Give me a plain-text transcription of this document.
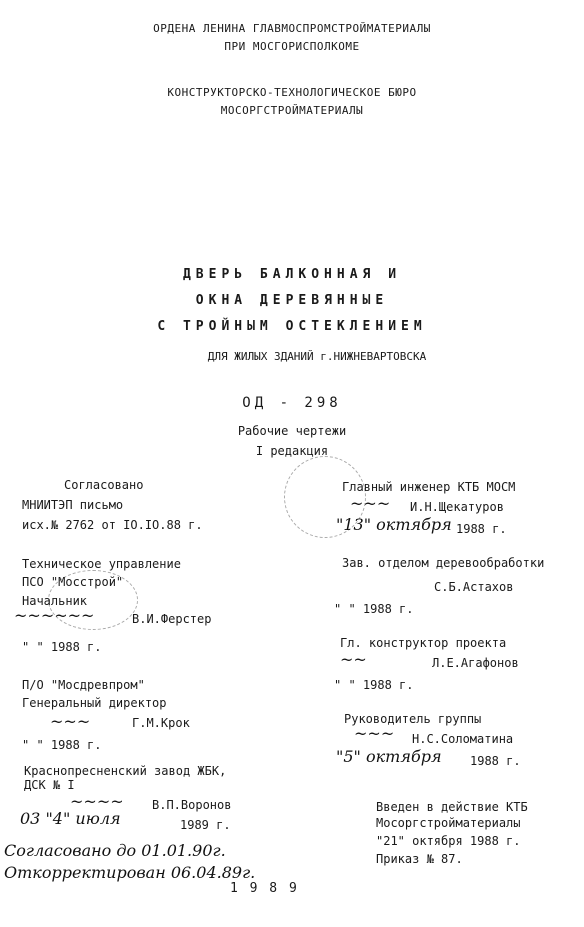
ОРДЕНА ЛЕНИНА ГЛАВМОСПРОМСТРОЙМАТЕРИАЛЫ
ПРИ МОСГОРИСПОЛКОМЕ
КОНСТРУКТОРСКО-ТЕХНОЛОГИЧЕСКОЕ БЮРО
МОСОРГСТРОЙМАТЕРИАЛЫ
ДВЕРЬ БАЛКОННАЯ И
ОКНА ДЕРЕВЯННЫЕ
С ТРОЙНЫМ ОСТЕКЛЕНИЕМ
ДЛЯ ЖИЛЫХ ЗДАНИЙ г.НИЖНЕВАРТОВСКА
ОД - 298
Рабочие чертежи
I редакция
Согласовано
МНИИТЭП письмо
исх.№ 2762 от IO.IO.88 г.
Техническое управление
ПСО "Мосстрой"
Начальник
В.И.Ферстер
" " 1988 г.
~~~~~~
П/О "Мосдревпром"
Генеральный директор
~~~	Г.М.Крок
" " 1988 г.
Краснопресненский завод ЖБК,
ДСК № I
~~~~ В.П.Воронов
03 "4" июля	1989 г.
Согласовано до 01.01.90г.
Откорректирован 06.04.89г.
1 9 8 9
Главный инженер КТБ МОСМ
~~~ И.Н.Щекатуров
"13" октября 1988 г.
Зав. отделом деревообработки
С.Б.Астахов
" " 1988 г.
Гл. конструктор проекта
~~	Л.Е.Агафонов
" " 1988 г.
Руководитель группы
~~~ Н.С.Соломатина
"5" октября 1988 г.
Введен в действие КТБ
Мосоргстройматериалы
"21" октября 1988 г.
Приказ № 87.
